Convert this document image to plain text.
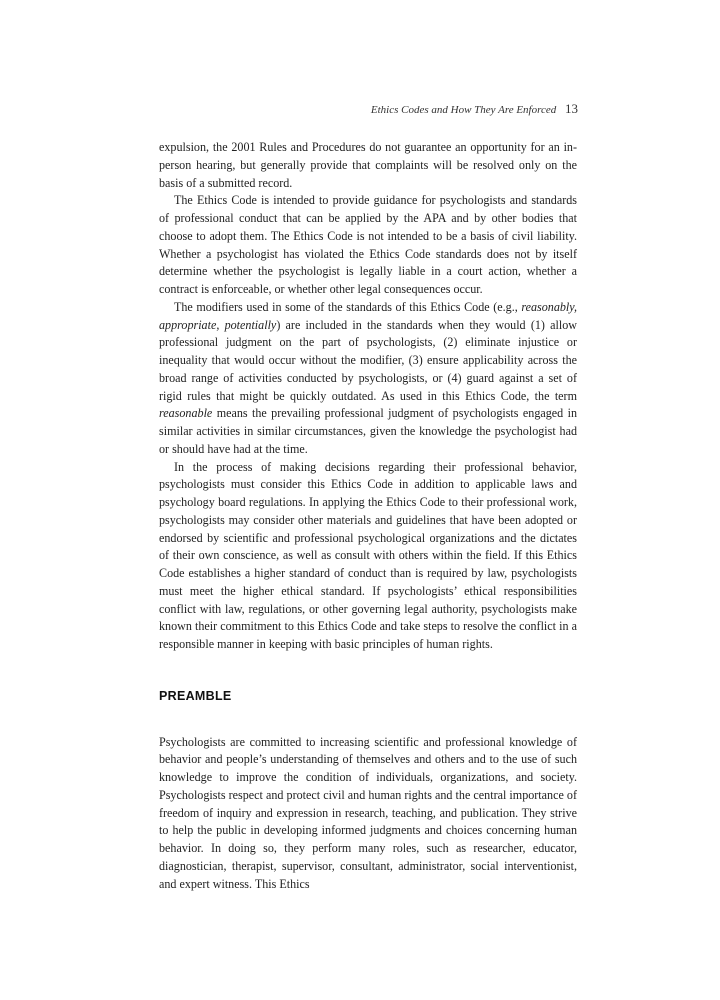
Ethics Codes and How They Are Enforced 13

expulsion, the 2001 Rules and Procedures do not guarantee an opportunity for an in-person hearing, but generally provide that complaints will be resolved only on the basis of a submitted record.

The Ethics Code is intended to provide guidance for psychologists and standards of professional conduct that can be applied by the APA and by other bodies that choose to adopt them. The Ethics Code is not intended to be a basis of civil liability. Whether a psychologist has violated the Ethics Code standards does not by itself determine whether the psychologist is legally liable in a court action, whether a contract is enforceable, or whether other legal consequences occur.

The modifiers used in some of the standards of this Ethics Code (e.g., reasonably, appropriate, potentially) are included in the standards when they would (1) allow professional judgment on the part of psychologists, (2) eliminate injustice or inequality that would occur without the modifier, (3) ensure applicability across the broad range of activities conducted by psychologists, or (4) guard against a set of rigid rules that might be quickly outdated. As used in this Ethics Code, the term reasonable means the prevailing professional judgment of psychologists engaged in similar activities in similar circumstances, given the knowledge the psychologist had or should have had at the time.

In the process of making decisions regarding their professional behavior, psychologists must consider this Ethics Code in addition to applicable laws and psychology board regulations. In applying the Ethics Code to their professional work, psychologists may consider other materials and guidelines that have been adopted or endorsed by scientific and professional psychological organizations and the dictates of their own conscience, as well as consult with others within the field. If this Ethics Code establishes a higher standard of conduct than is required by law, psychologists must meet the higher ethical standard. If psychologists’ ethical responsibilities conflict with law, regulations, or other governing legal authority, psychologists make known their commitment to this Ethics Code and take steps to resolve the conflict in a responsible manner in keeping with basic principles of human rights.

PREAMBLE

Psychologists are committed to increasing scientific and professional knowledge of behavior and people’s understanding of themselves and others and to the use of such knowledge to improve the condition of individuals, organizations, and society. Psychologists respect and protect civil and human rights and the central importance of freedom of inquiry and expression in research, teaching, and publication. They strive to help the public in developing informed judgments and choices concerning human behavior. In doing so, they perform many roles, such as researcher, educator, diagnostician, therapist, supervisor, consultant, administrator, social interventionist, and expert witness. This Ethics
